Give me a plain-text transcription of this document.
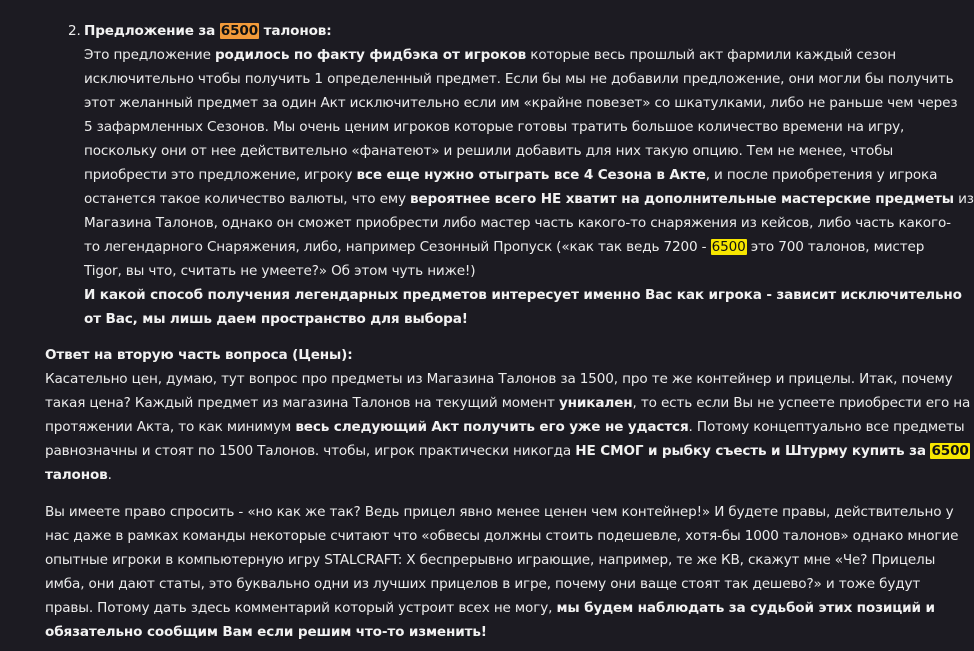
2. Предложение за 6500 талонов:
Это предложение родилось по факту фидбэка от игроков которые весь прошлый акт фармили каждый сезон
исключительно чтобы получить 1 определенный предмет. Если бы мы не добавили предложение, они могли бы получить
этот желанный предмет за один Акт исключительно если им «крайне повезет» со шкатулками, либо не раньше чем через
5 зафармленных Сезонов. Мы очень ценим игроков которые готовы тратить большое количество времени на игру,
поскольку они от нее действительно «фанатеют» и решили добавить для них такую опцию. Тем не менее, чтобы
приобрести это предложение, игроку все еще нужно отыграть все 4 Сезона в Акте, и после приобретения у игрока
останется такое количество валюты, что ему вероятнее всего НЕ хватит на дополнительные мастерские предметы из
Магазина Талонов, однако он сможет приобрести либо мастер часть какого-то снаряжения из кейсов, либо часть какого-
то легендарного Снаряжения, либо, например Сезонный Пропуск («как так ведь 7200 - 6500 это 700 талонов, мистер
Tigor, вы что, считать не умеете?» Об этом чуть ниже!)
И какой способ получения легендарных предметов интересует именно Вас как игрока - зависит исключительно
от Вас, мы лишь даем пространство для выбора!
Ответ на вторую часть вопроса (Цены):
Касательно цен, думаю, тут вопрос про предметы из Магазина Талонов за 1500, про те же контейнер и прицелы. Итак, почему
такая цена? Каждый предмет из магазина Талонов на текущий момент уникален, то есть если Вы не успеете приобрести его на
протяжении Акта, то как минимум весь следующий Акт получить его уже не удастся. Потому концептуально все предметы
равнозначны и стоят по 1500 Талонов. чтобы, игрок практически никогда НЕ СМОГ и рыбку съесть и Штурму купить за 6500
талонов.
Вы имеете право спросить - «но как же так? Ведь прицел явно менее ценен чем контейнер!» И будете правы, действительно у
нас даже в рамках команды некоторые считают что «обвесы должны стоить подешевле, хотя-бы 1000 талонов» однако многие
опытные игроки в компьютерную игру STALCRAFT: X беспрерывно играющие, например, те же КВ, скажут мне «Че? Прицелы
имба, они дают статы, это буквально одни из лучших прицелов в игре, почему они ваще стоят так дешево?» и тоже будут
правы. Потому дать здесь комментарий который устроит всех не могу, мы будем наблюдать за судьбой этих позиций и
обязательно сообщим Вам если решим что-то изменить!
